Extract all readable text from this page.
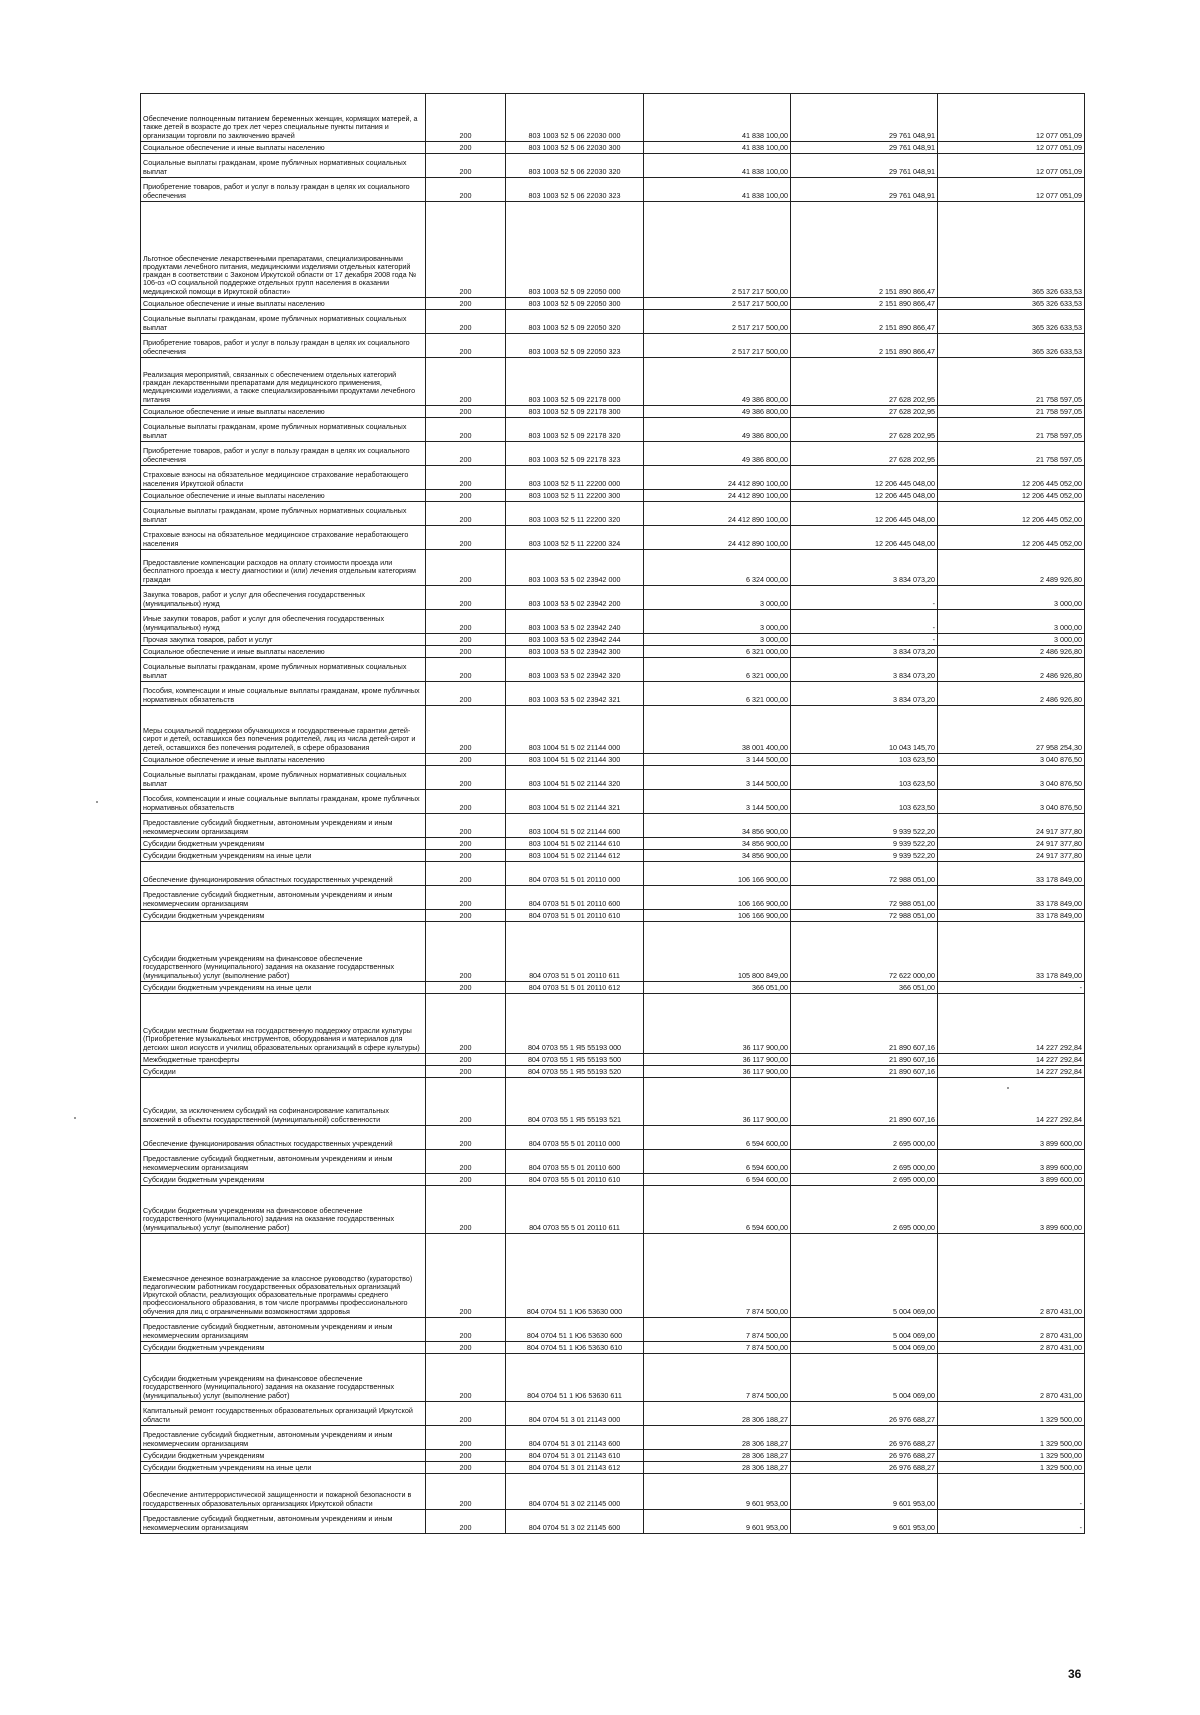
Обеспечение полноценным питанием беременных женщин, кормящих матерей, а также детей в возрасте до трех лет через специальные пункты питания и организации торговли по заключению врачей	200	803 1003 52 5 06 22030 000	41 838 100,00	29 761 048,91	12 077 051,09
Социальное обеспечение и иные выплаты населению	200	803 1003 52 5 06 22030 300	41 838 100,00	29 761 048,91	12 077 051,09
Социальные выплаты гражданам, кроме публичных нормативных социальных выплат	200	803 1003 52 5 06 22030 320	41 838 100,00	29 761 048,91	12 077 051,09
Приобретение товаров, работ и услуг в пользу граждан в целях их социального обеспечения	200	803 1003 52 5 06 22030 323	41 838 100,00	29 761 048,91	12 077 051,09
Льготное обеспечение лекарственными препаратами, специализированными продуктами лечебного питания, медицинскими изделиями отдельных категорий граждан в соответствии с Законом Иркутской области от 17 декабря 2008 года № 106-оз «О социальной поддержке отдельных групп населения в оказании медицинской помощи в Иркутской области»	200	803 1003 52 5 09 22050 000	2 517 217 500,00	2 151 890 866,47	365 326 633,53
Социальное обеспечение и иные выплаты населению	200	803 1003 52 5 09 22050 300	2 517 217 500,00	2 151 890 866,47	365 326 633,53
Социальные выплаты гражданам, кроме публичных нормативных социальных выплат	200	803 1003 52 5 09 22050 320	2 517 217 500,00	2 151 890 866,47	365 326 633,53
Приобретение товаров, работ и услуг в пользу граждан в целях их социального обеспечения	200	803 1003 52 5 09 22050 323	2 517 217 500,00	2 151 890 866,47	365 326 633,53
Реализация мероприятий, связанных с обеспечением отдельных категорий граждан лекарственными препаратами для медицинского применения, медицинскими изделиями, а также специализированными продуктами лечебного питания	200	803 1003 52 5 09 22178 000	49 386 800,00	27 628 202,95	21 758 597,05
Социальное обеспечение и иные выплаты населению	200	803 1003 52 5 09 22178 300	49 386 800,00	27 628 202,95	21 758 597,05
Социальные выплаты гражданам, кроме публичных нормативных социальных выплат	200	803 1003 52 5 09 22178 320	49 386 800,00	27 628 202,95	21 758 597,05
Приобретение товаров, работ и услуг в пользу граждан в целях их социального обеспечения	200	803 1003 52 5 09 22178 323	49 386 800,00	27 628 202,95	21 758 597,05
Страховые взносы на обязательное медицинское страхование неработающего населения Иркутской области	200	803 1003 52 5 11 22200 000	24 412 890 100,00	12 206 445 048,00	12 206 445 052,00
Социальное обеспечение и иные выплаты населению	200	803 1003 52 5 11 22200 300	24 412 890 100,00	12 206 445 048,00	12 206 445 052,00
Социальные выплаты гражданам, кроме публичных нормативных социальных выплат	200	803 1003 52 5 11 22200 320	24 412 890 100,00	12 206 445 048,00	12 206 445 052,00
Страховые взносы на обязательное медицинское страхование неработающего населения	200	803 1003 52 5 11 22200 324	24 412 890 100,00	12 206 445 048,00	12 206 445 052,00
Предоставление компенсации расходов на оплату стоимости проезда или бесплатного проезда к месту диагностики и (или) лечения отдельным категориям граждан	200	803 1003 53 5 02 23942 000	6 324 000,00	3 834 073,20	2 489 926,80
Закупка товаров, работ и услуг для обеспечения государственных (муниципальных) нужд	200	803 1003 53 5 02 23942 200	3 000,00	-	3 000,00
Иные закупки товаров, работ и услуг для обеспечения государственных (муниципальных) нужд	200	803 1003 53 5 02 23942 240	3 000,00	-	3 000,00
Прочая закупка товаров, работ и услуг	200	803 1003 53 5 02 23942 244	3 000,00	-	3 000,00
Социальное обеспечение и иные выплаты населению	200	803 1003 53 5 02 23942 300	6 321 000,00	3 834 073,20	2 486 926,80
Социальные выплаты гражданам, кроме публичных нормативных социальных выплат	200	803 1003 53 5 02 23942 320	6 321 000,00	3 834 073,20	2 486 926,80
Пособия, компенсации и иные социальные выплаты гражданам, кроме публичных нормативных обязательств	200	803 1003 53 5 02 23942 321	6 321 000,00	3 834 073,20	2 486 926,80
Меры социальной поддержки обучающихся и государственные гарантии детей-сирот и детей, оставшихся без попечения родителей, лиц из числа детей-сирот и детей, оставшихся без попечения родителей, в сфере образования	200	803 1004 51 5 02 21144 000	38 001 400,00	10 043 145,70	27 958 254,30
Социальное обеспечение и иные выплаты населению	200	803 1004 51 5 02 21144 300	3 144 500,00	103 623,50	3 040 876,50
Социальные выплаты гражданам, кроме публичных нормативных социальных выплат	200	803 1004 51 5 02 21144 320	3 144 500,00	103 623,50	3 040 876,50
Пособия, компенсации и иные социальные выплаты гражданам, кроме публичных нормативных обязательств	200	803 1004 51 5 02 21144 321	3 144 500,00	103 623,50	3 040 876,50
Предоставление субсидий бюджетным, автономным учреждениям и иным некоммерческим организациям	200	803 1004 51 5 02 21144 600	34 856 900,00	9 939 522,20	24 917 377,80
Субсидии бюджетным учреждениям	200	803 1004 51 5 02 21144 610	34 856 900,00	9 939 522,20	24 917 377,80
Субсидии бюджетным учреждениям на иные цели	200	803 1004 51 5 02 21144 612	34 856 900,00	9 939 522,20	24 917 377,80
Обеспечение функционирования областных государственных учреждений	200	804 0703 51 5 01 20110 000	106 166 900,00	72 988 051,00	33 178 849,00
Предоставление субсидий бюджетным, автономным учреждениям и иным некоммерческим организациям	200	804 0703 51 5 01 20110 600	106 166 900,00	72 988 051,00	33 178 849,00
Субсидии бюджетным учреждениям	200	804 0703 51 5 01 20110 610	106 166 900,00	72 988 051,00	33 178 849,00
Субсидии бюджетным учреждениям на финансовое обеспечение государственного (муниципального) задания на оказание государственных (муниципальных) услуг (выполнение работ)	200	804 0703 51 5 01 20110 611	105 800 849,00	72 622 000,00	33 178 849,00
Субсидии бюджетным учреждениям на иные цели	200	804 0703 51 5 01 20110 612	366 051,00	366 051,00	-
Субсидии местным бюджетам на государственную поддержку отрасли культуры (Приобретение музыкальных инструментов, оборудования и материалов для детских школ искусств и училищ образовательных организаций в сфере культуры)	200	804 0703 55 1 Я5 55193 000	36 117 900,00	21 890 607,16	14 227 292,84
Межбюджетные трансферты	200	804 0703 55 1 Я5 55193 500	36 117 900,00	21 890 607,16	14 227 292,84
Субсидии	200	804 0703 55 1 Я5 55193 520	36 117 900,00	21 890 607,16	14 227 292,84
Субсидии, за исключением субсидий на софинансирование капитальных вложений в объекты государственной (муниципальной) собственности	200	804 0703 55 1 Я5 55193 521	36 117 900,00	21 890 607,16	14 227 292,84
Обеспечение функционирования областных государственных учреждений	200	804 0703 55 5 01 20110 000	6 594 600,00	2 695 000,00	3 899 600,00
Предоставление субсидий бюджетным, автономным учреждениям и иным некоммерческим организациям	200	804 0703 55 5 01 20110 600	6 594 600,00	2 695 000,00	3 899 600,00
Субсидии бюджетным учреждениям	200	804 0703 55 5 01 20110 610	6 594 600,00	2 695 000,00	3 899 600,00
Субсидии бюджетным учреждениям на финансовое обеспечение государственного (муниципального) задания на оказание государственных (муниципальных) услуг (выполнение работ)	200	804 0703 55 5 01 20110 611	6 594 600,00	2 695 000,00	3 899 600,00
Ежемесячное денежное вознаграждение за классное руководство (кураторство) педагогическим работникам государственных образовательных организаций Иркутской области, реализующих образовательные программы среднего профессионального образования, в том числе программы профессионального обучения для лиц с ограниченными возможностями здоровья	200	804 0704 51 1 Ю6 53630 000	7 874 500,00	5 004 069,00	2 870 431,00
Предоставление субсидий бюджетным, автономным учреждениям и иным некоммерческим организациям	200	804 0704 51 1 Ю6 53630 600	7 874 500,00	5 004 069,00	2 870 431,00
Субсидии бюджетным учреждениям	200	804 0704 51 1 Ю6 53630 610	7 874 500,00	5 004 069,00	2 870 431,00
Субсидии бюджетным учреждениям на финансовое обеспечение государственного (муниципального) задания на оказание государственных (муниципальных) услуг (выполнение работ)	200	804 0704 51 1 Ю6 53630 611	7 874 500,00	5 004 069,00	2 870 431,00
Капитальный ремонт государственных образовательных организаций Иркутской области	200	804 0704 51 3 01 21143 000	28 306 188,27	26 976 688,27	1 329 500,00
Предоставление субсидий бюджетным, автономным учреждениям и иным некоммерческим организациям	200	804 0704 51 3 01 21143 600	28 306 188,27	26 976 688,27	1 329 500,00
Субсидии бюджетным учреждениям	200	804 0704 51 3 01 21143 610	28 306 188,27	26 976 688,27	1 329 500,00
Субсидии бюджетным учреждениям на иные цели	200	804 0704 51 3 01 21143 612	28 306 188,27	26 976 688,27	1 329 500,00
Обеспечение антитеррористической защищенности и пожарной безопасности в государственных образовательных организациях Иркутской области	200	804 0704 51 3 02 21145 000	9 601 953,00	9 601 953,00	-
Предоставление субсидий бюджетным, автономным учреждениям и иным некоммерческим организациям	200	804 0704 51 3 02 21145 600	9 601 953,00	9 601 953,00	-
36
